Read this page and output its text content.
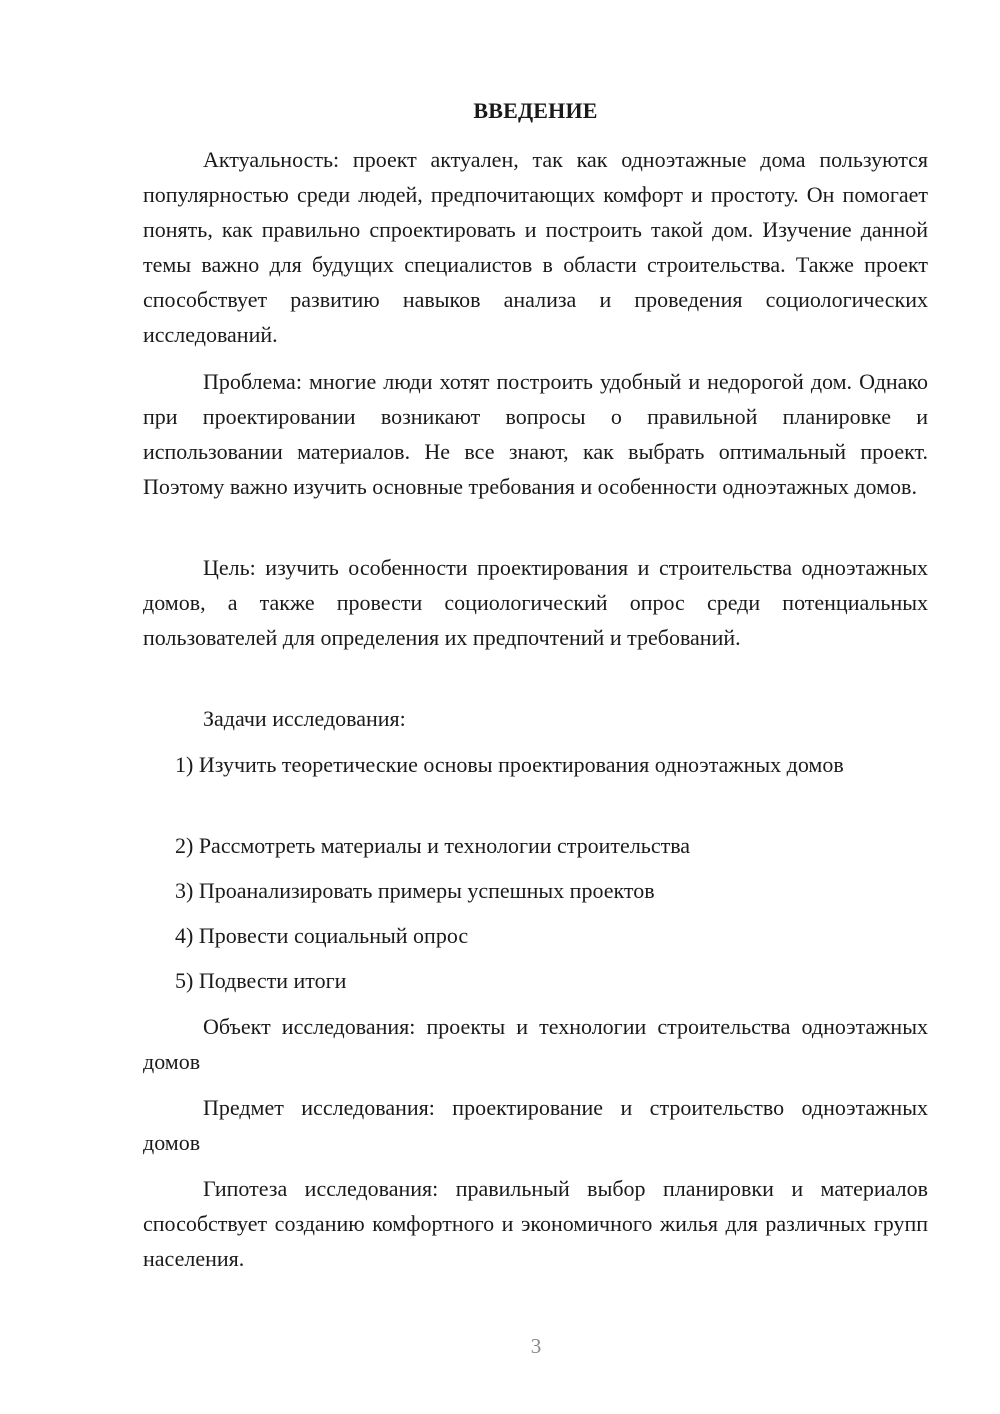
ВВЕДЕНИЕ

Актуальность: проект актуален, так как одноэтажные дома пользуются популярностью среди людей, предпочитающих комфорт и простоту. Он помогает понять, как правильно спроектировать и построить такой дом. Изучение данной темы важно для будущих специалистов в области строительства. Также проект способствует развитию навыков анализа и проведения социологических исследований.

Проблема: многие люди хотят построить удобный и недорогой дом. Однако при проектировании возникают вопросы о правильной планировке и использовании материалов. Не все знают, как выбрать оптимальный проект. Поэтому важно изучить основные требования и особенности одноэтажных домов.

Цель: изучить особенности проектирования и строительства одноэтажных домов, а также провести социологический опрос среди потенциальных пользователей для определения их предпочтений и требований.

Задачи исследования:

1) Изучить теоретические основы проектирования одноэтажных домов

2) Рассмотреть материалы и технологии строительства

3) Проанализировать примеры успешных проектов

4) Провести социальный опрос

5) Подвести итоги

Объект исследования: проекты и технологии строительства одноэтажных домов

Предмет исследования: проектирование и строительство одноэтажных домов

Гипотеза исследования: правильный выбор планировки и материалов способствует созданию комфортного и экономичного жилья для различных групп населения.

3
